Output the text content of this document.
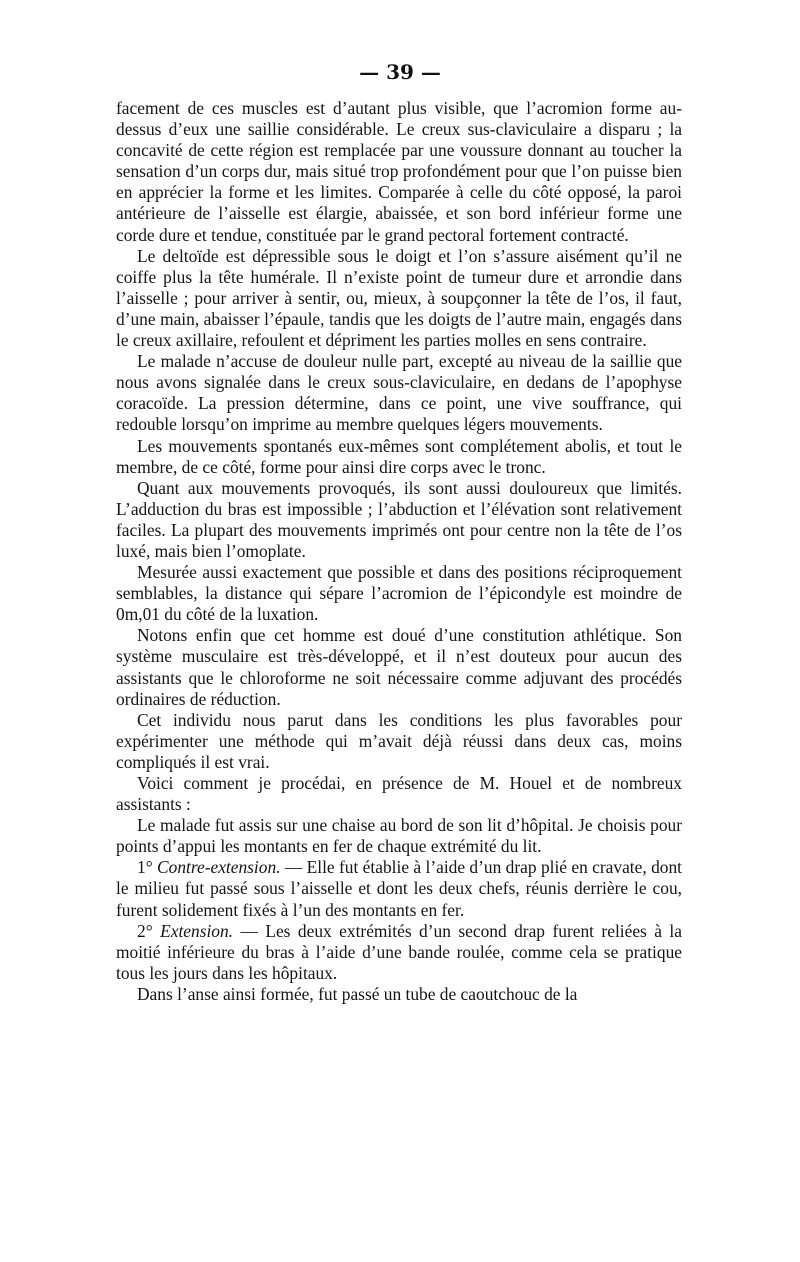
— 39 —

facement de ces muscles est d’autant plus visible, que l’acromion forme au-dessus d’eux une saillie considérable. Le creux sus-claviculaire a disparu ; la concavité de cette région est remplacée par une voussure donnant au toucher la sensation d’un corps dur, mais situé trop profondément pour que l’on puisse bien en apprécier la forme et les limites. Comparée à celle du côté opposé, la paroi antérieure de l’aisselle est élargie, abaissée, et son bord inférieur forme une corde dure et tendue, constituée par le grand pectoral fortement contracté.

Le deltoïde est dépressible sous le doigt et l’on s’assure aisément qu’il ne coiffe plus la tête humérale. Il n’existe point de tumeur dure et arrondie dans l’aisselle ; pour arriver à sentir, ou, mieux, à soupçonner la tête de l’os, il faut, d’une main, abaisser l’épaule, tandis que les doigts de l’autre main, engagés dans le creux axillaire, refoulent et dépriment les parties molles en sens contraire.

Le malade n’accuse de douleur nulle part, excepté au niveau de la saillie que nous avons signalée dans le creux sous-claviculaire, en dedans de l’apophyse coracoïde. La pression détermine, dans ce point, une vive souffrance, qui redouble lorsqu’on imprime au membre quelques légers mouvements.

Les mouvements spontanés eux-mêmes sont complétement abolis, et tout le membre, de ce côté, forme pour ainsi dire corps avec le tronc.

Quant aux mouvements provoqués, ils sont aussi douloureux que limités. L’adduction du bras est impossible ; l’abduction et l’élévation sont relativement faciles. La plupart des mouvements imprimés ont pour centre non la tête de l’os luxé, mais bien l’omoplate.

Mesurée aussi exactement que possible et dans des positions réciproquement semblables, la distance qui sépare l’acromion de l’épicondyle est moindre de 0m,01 du côté de la luxation.

Notons enfin que cet homme est doué d’une constitution athlétique. Son système musculaire est très-développé, et il n’est douteux pour aucun des assistants que le chloroforme ne soit nécessaire comme adjuvant des procédés ordinaires de réduction.

Cet individu nous parut dans les conditions les plus favorables pour expérimenter une méthode qui m’avait déjà réussi dans deux cas, moins compliqués il est vrai.

Voici comment je procédai, en présence de M. Houel et de nombreux assistants :

Le malade fut assis sur une chaise au bord de son lit d’hôpital. Je choisis pour points d’appui les montants en fer de chaque extrémité du lit.

1° Contre-extension. — Elle fut établie à l’aide d’un drap plié en cravate, dont le milieu fut passé sous l’aisselle et dont les deux chefs, réunis derrière le cou, furent solidement fixés à l’un des montants en fer.

2° Extension. — Les deux extrémités d’un second drap furent reliées à la moitié inférieure du bras à l’aide d’une bande roulée, comme cela se pratique tous les jours dans les hôpitaux.

Dans l’anse ainsi formée, fut passé un tube de caoutchouc de la
